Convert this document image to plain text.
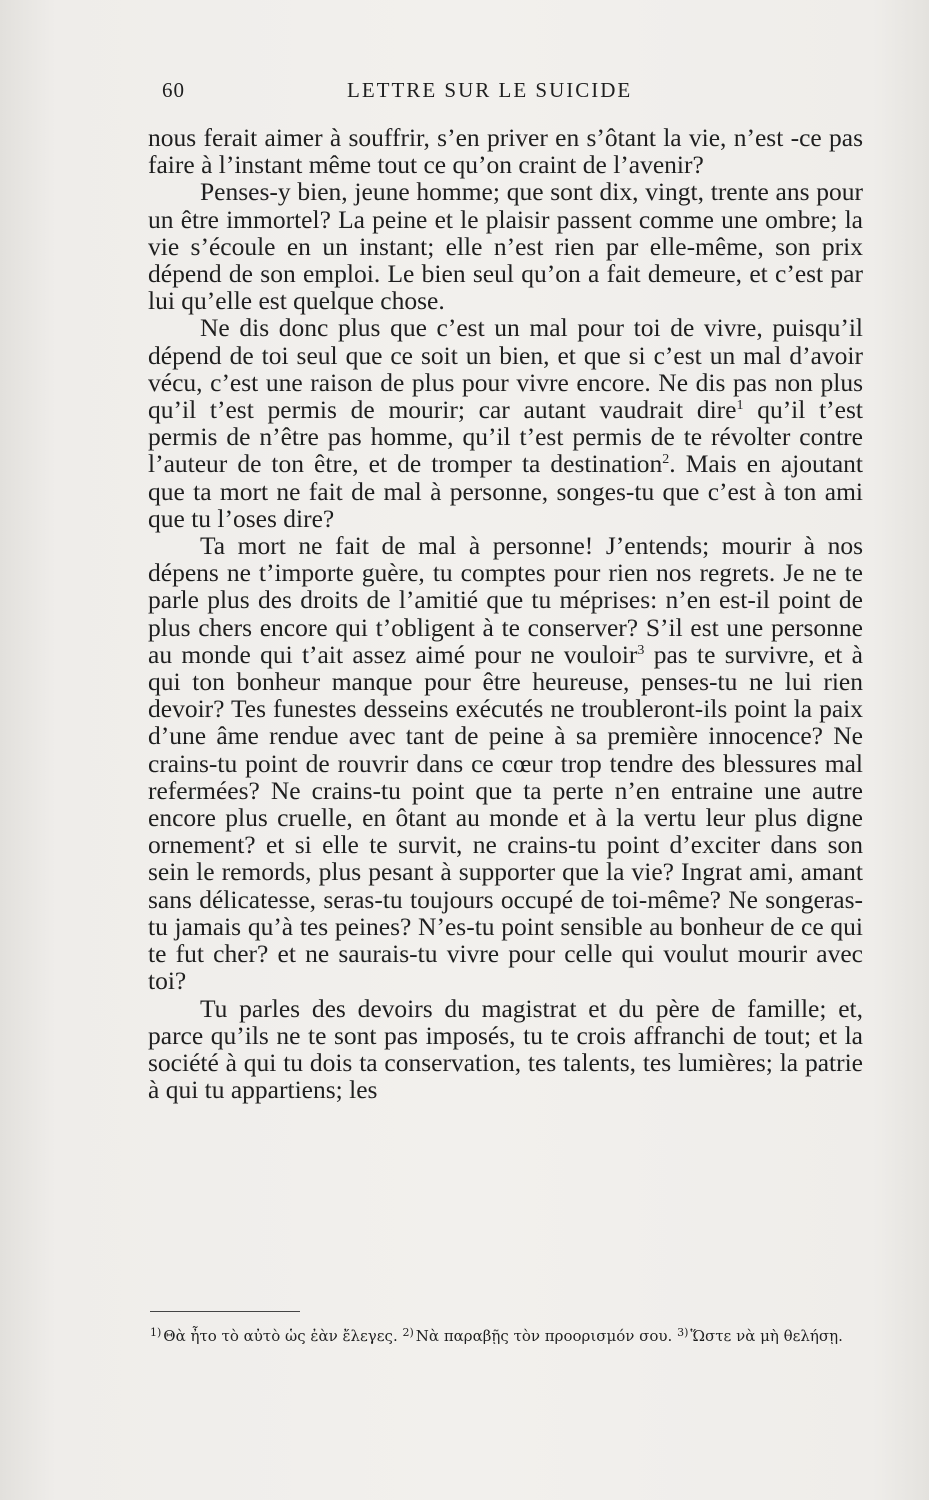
60	LETTRE SUR LE SUICIDE

nous ferait aimer à souffrir, s’en priver en s’ôtant la vie, n’est -ce pas faire à l’instant même tout ce qu’on craint de l’avenir?

Penses-y bien, jeune homme; que sont dix, vingt, trente ans pour un être immortel? La peine et le plaisir passent comme une ombre; la vie s’écoule en un instant; elle n’est rien par elle-même, son prix dépend de son emploi. Le bien seul qu’on a fait demeure, et c’est par lui qu’elle est quelque chose.

Ne dis donc plus que c’est un mal pour toi de vivre, puisqu’il dépend de toi seul que ce soit un bien, et que si c’est un mal d’avoir vécu, c’est une raison de plus pour vivre encore. Ne dis pas non plus qu’il t’est permis de mourir; car autant vaudrait dire$^1$ qu’il t’est permis de n’être pas homme, qu’il t’est permis de te révolter contre l’auteur de ton être, et de tromper ta destination$^2$. Mais en ajoutant que ta mort ne fait de mal à personne, songes-tu que c’est à ton ami que tu l’oses dire?

Ta mort ne fait de mal à personne! J’entends; mourir à nos dépens ne t’importe guère, tu comptes pour rien nos regrets. Je ne te parle plus des droits de l’amitié que tu méprises: n’en est-il point de plus chers encore qui t’obligent à te conserver? S’il est une personne au monde qui t’ait assez aimé pour ne vouloir$^3$ pas te survivre, et à qui ton bonheur manque pour être heureuse, penses-tu ne lui rien devoir? Tes funestes desseins exécutés ne troubleront-ils point la paix d’une âme rendue avec tant de peine à sa première innocence? Ne crains-tu point de rouvrir dans ce cœur trop tendre des blessures mal refermées? Ne crains-tu point que ta perte n’en entraine une autre encore plus cruelle, en ôtant au monde et à la vertu leur plus digne ornement? et si elle te survit, ne crains-tu point d’exciter dans son sein le remords, plus pesant à supporter que la vie? Ingrat ami, amant sans délicatesse, seras-tu toujours occupé de toi-même? Ne songeras-tu jamais qu’à tes peines? N’es-tu point sensible au bonheur de ce qui te fut cher? et ne saurais-tu vivre pour celle qui voulut mourir avec toi?

Tu parles des devoirs du magistrat et du père de famille; et, parce qu’ils ne te sont pas imposés, tu te crois affranchi de tout; et la société à qui tu dois ta conservation, tes talents, tes lumières; la patrie à qui tu appartiens; les

$^{1)}$ Θὰ ἦτο τὸ αὐτὸ ὡς ἐὰν ἔλεγες. $^{2)}$ Νὰ παραβῇς τὸν προορισμόν σου. $^{3)}$ Ὥστε νὰ μὴ θελήσῃ.
